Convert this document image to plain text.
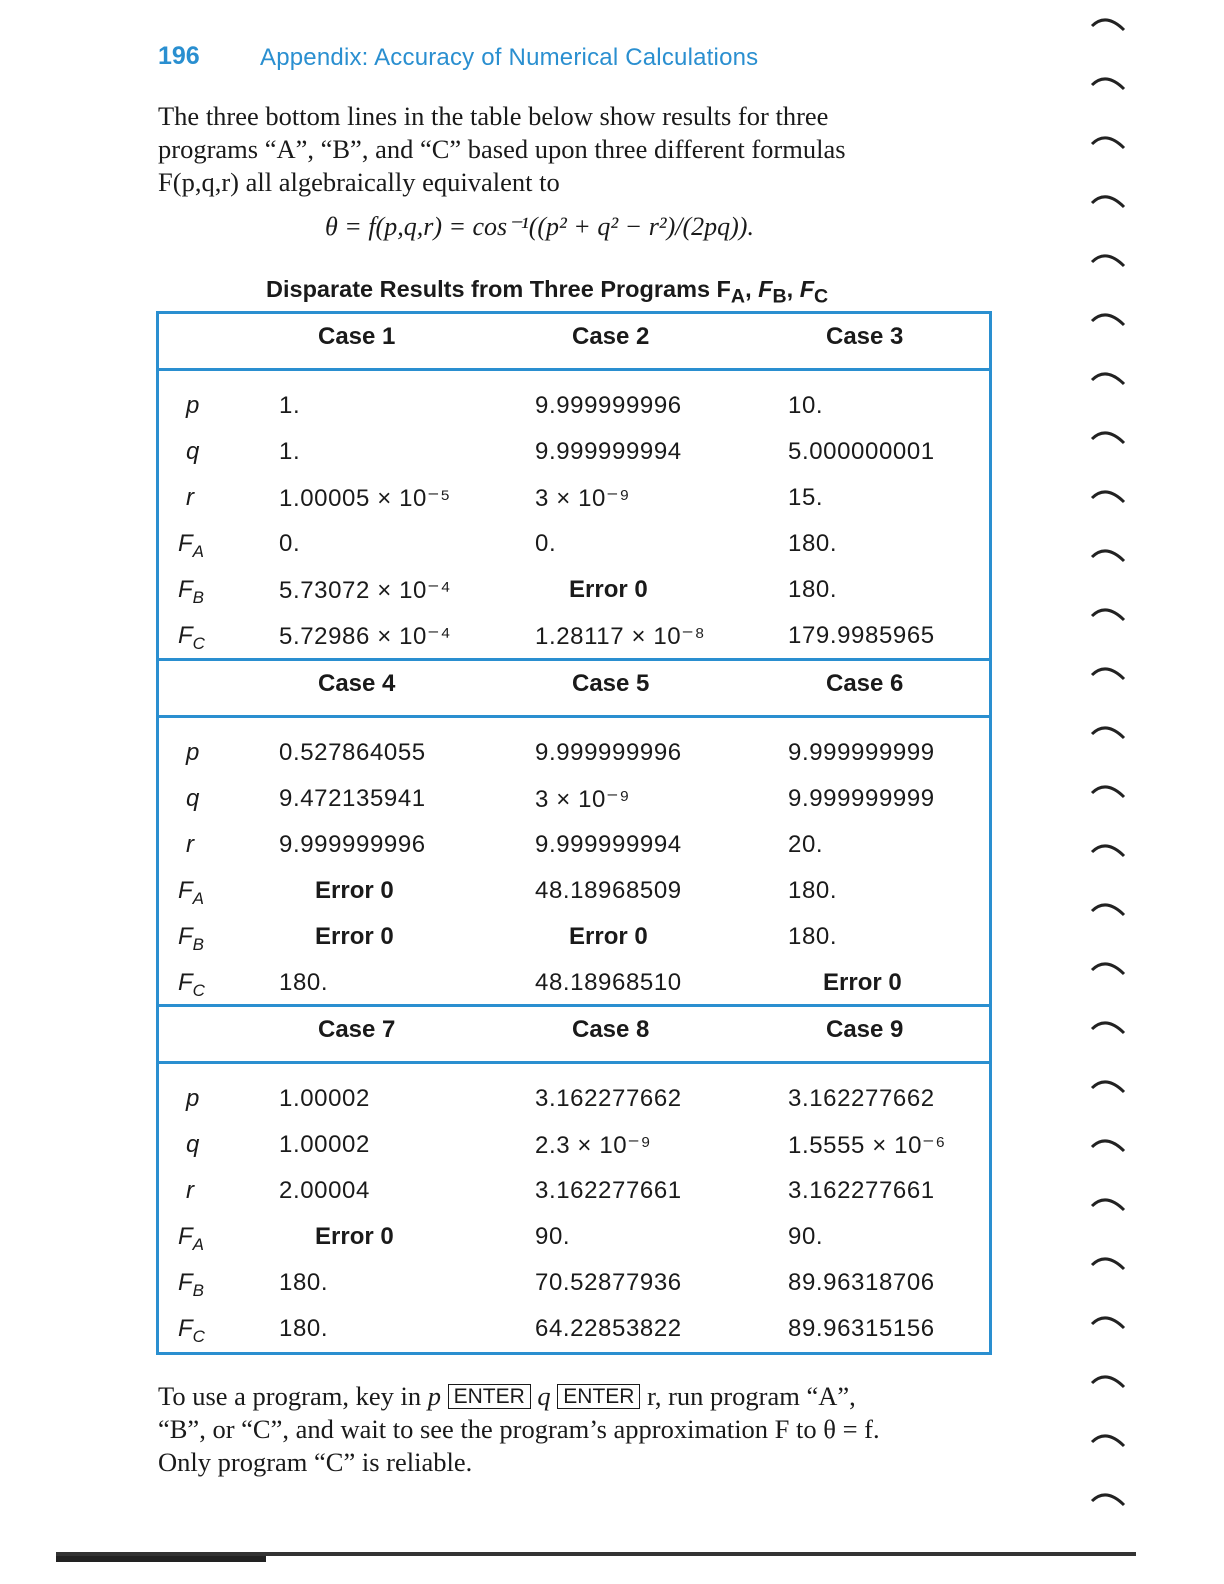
196	Appendix: Accuracy of Numerical Calculations
The three bottom lines in the table below show results for three
programs “A”, “B”, and “C” based upon three different formulas
F(p,q,r) all algebraically equivalent to
θ = f(p,q,r) = cos⁻¹((p² + q² − r²)/(2pq)).
Disparate Results from Three Programs $F_A$, $F_B$, $F_C$
Case 1	Case 2	Case 3
p	1.	9.999999996	10.
q	1.	9.999999994	5.000000001
r	1.00005 × 10⁻⁵	3 × 10⁻⁹	15.
$F_A$	0.	0.	180.
$F_B$	5.73072 × 10⁻⁴	Error 0	180.
$F_C$	5.72986 × 10⁻⁴	1.28117 × 10⁻⁸	179.9985965
Case 4	Case 5	Case 6
p	0.527864055	9.999999996	9.999999999
q	9.472135941	3 × 10⁻⁹	9.999999999
r	9.999999996	9.999999994	20.
$F_A$	Error 0	48.18968509	180.
$F_B$	Error 0	Error 0	180.
$F_C$	180.	48.18968510	Error 0
Case 7	Case 8	Case 9
p	1.00002	3.162277662	3.162277662
q	1.00002	2.3 × 10⁻⁹	1.5555 × 10⁻⁶
r	2.00004	3.162277661	3.162277661
$F_A$	Error 0	90.	90.
$F_B$	180.	70.52877936	89.96318706
$F_C$	180.	64.22853822	89.96315156
To use a program, key in p ENTER q ENTER r, run program “A”,
“B”, or “C”, and wait to see the program’s approximation F to θ = f.
Only program “C” is reliable.
